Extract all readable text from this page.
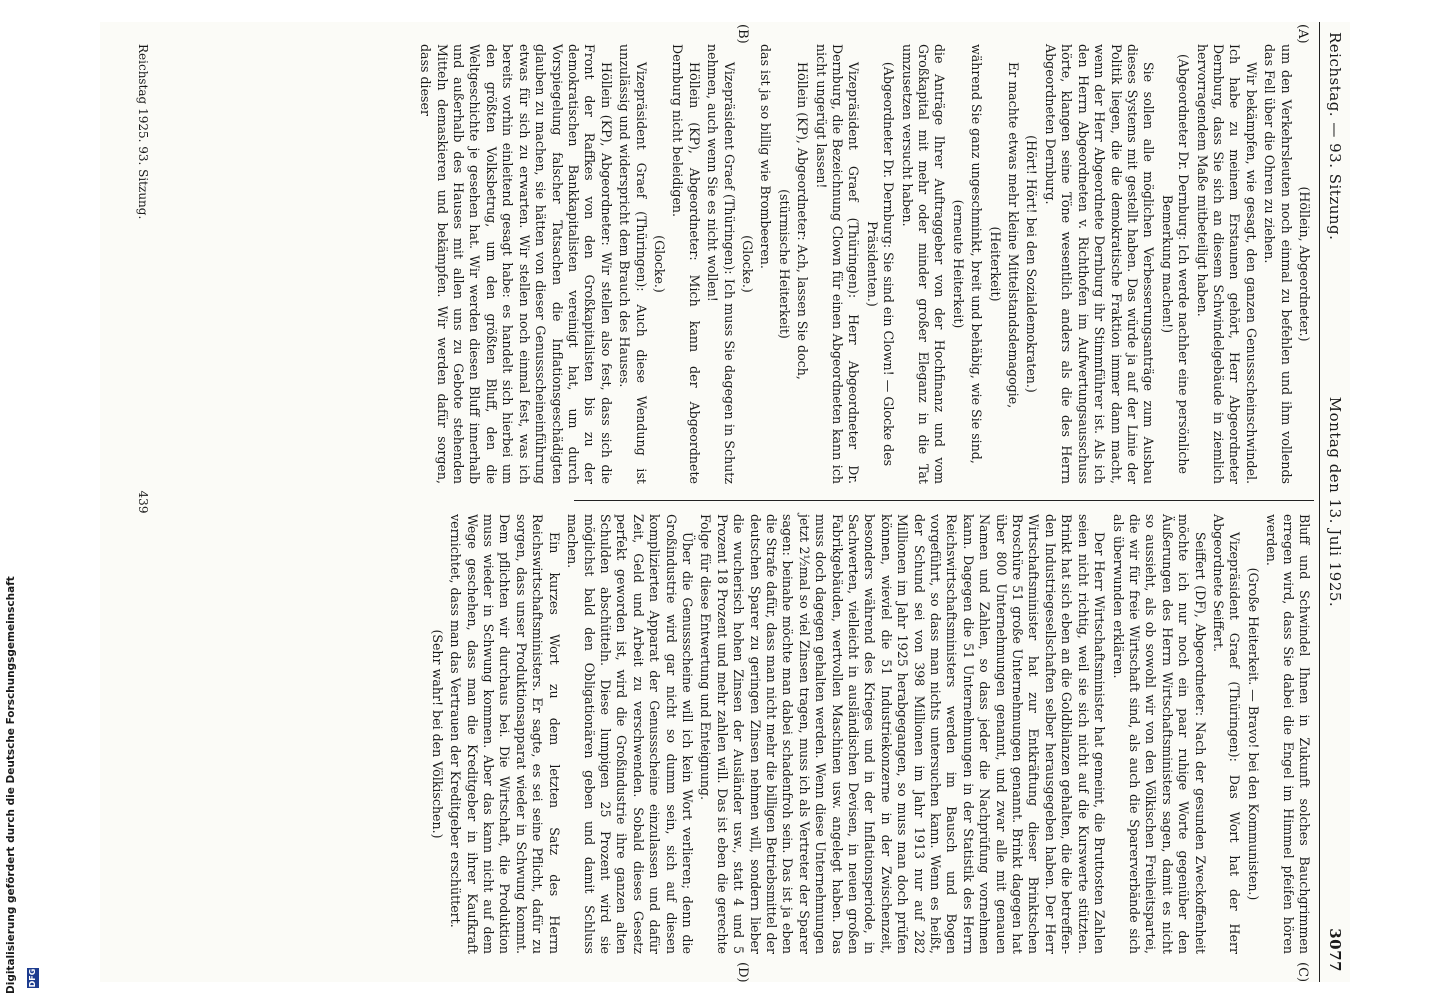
Reichstag. — 93. Sitzung.
Montag den 13. Juli 1925.
3077
(A)
(B)
(C)
(D)

(Höllein, Abgeordneter.)

um den Verkehrsleuten noch einmal zu befehlen und ihm vollends das Fell über die Ohren zu ziehen.

Wir bekämpfen, wie gesagt, den ganzen Genussscheinschwindel. Ich habe zu meinem Erstaunen gehört, Herr Abgeordneter Dernburg, dass Sie sich an diesem Schwindelgebäude in ziemlich hervorragendem Maße mitbeteiligt haben.

(Abgeordneter Dr. Dernburg: Ich werde nachher eine persönliche Bemerkung machen!)

Sie sollen alle möglichen Verbesserungsanträge zum Ausbau dieses Systems mit gestellt haben. Das würde ja auf der Linie der Politik liegen, die die demokratische Fraktion immer dann macht, wenn der Herr Abgeordnete Dernburg ihr Stimmführer ist. Als ich den Herrn Abgeordneten v. Richthofen im Aufwertungsausschuss hörte, klangen seine Töne wesentlich anders als die des Herrn Abgeordneten Dernburg.

(Hört! Hört! bei den Sozialdemokraten.)

Er machte etwas mehr kleine Mittelstandsdemagogie,

(Heiterkeit)

während Sie ganz ungeschminkt, breit und behäbig, wie Sie sind,

(erneute Heiterkeit)

die Anträge Ihrer Auftraggeber von der Hochfinanz und vom Großkapital mit mehr oder minder großer Eleganz in die Tat umzusetzen versucht haben.

(Abgeordneter Dr. Dernburg: Sie sind ein Clown! — Glocke des Präsidenten.)

Vizepräsident Graef (Thüringen): Herr Abgeordneter Dr. Dernburg, die Bezeichnung Clown für einen Abgeordneten kann ich nicht ungerügt lassen!

Höllein (KP), Abgeordneter: Ach, lassen Sie doch,

(stürmische Heiterkeit)

das ist ja so billig wie Brombeeren.

(Glocke.)

Vizepräsident Graef (Thüringen): Ich muss Sie dagegen in Schutz nehmen, auch wenn Sie es nicht wollen!

Höllein (KP), Abgeordneter: Mich kann der Abgeordnete Dernburg nicht beleidigen.

(Glocke.)

Vizepräsident Graef (Thüringen): Auch diese Wendung ist unzulässig und widerspricht dem Brauch des Hauses.

Höllein (KP), Abgeordneter: Wir stellen also fest, dass sich die Front der Raffkes von den Großkapitalisten bis zu der demokratischen Bankkapitalisten vereinigt hat, um durch Vorspiegelung falscher Tatsachen die Inflationsgeschädigten glauben zu machen, sie hätten von dieser Genussscheineinführung etwas für sich zu erwarten. Wir stellen noch einmal fest, was ich bereits vorhin einleitend gesagt habe: es handelt sich hierbei um den größten Volksbetrug, um den größten Bluff, den die Weltgeschichte je gesehen hat. Wir werden diesen Bluff innerhalb und außerhalb des Hauses mit allen uns zu Gebote stehenden Mitteln demaskieren und bekämpfen. Wir werden dafür sorgen, dass dieser

Bluff und Schwindel Ihnen in Zukunft solches Bauchgrimmen erregen wird, dass Sie dabei die Engel im Himmel pfeifen hören werden.

(Große Heiterkeit. — Bravo! bei den Kommunisten.)

Vizepräsident Graef (Thüringen): Das Wort hat der Herr Abgeordnete Seiffert.

Seiffert (DF), Abgeordneter: Nach der gesunden Zweckoffenheit möchte ich nur noch ein paar ruhige Worte gegenüber den Äußerungen des Herrn Wirtschaftsministers sagen, damit es nicht so aussieht, als ob sowohl wir von den Völkischen Freiheitspartei, die wir für freie Wirtschaft sind, als auch die Sparerverbände sich als überwunden erklären.

Der Herr Wirtschaftsminister hat gemeint, die Bruttosten Zahlen seien nicht richtig, weil sie sich nicht auf die Kurswerte stützten. Brinkt hat sich eben an die Goldbilanzen gehalten, die die betreffenden Industriegesellschaften selber herausgegeben haben. Der Herr Wirtschaftsminister hat zur Entkräftung dieser Brinktschen Broschüre 51 große Unternehmungen genannt. Brinkt dagegen hat über 800 Unternehmungen genannt, und zwar alle mit genauen Namen und Zahlen, so dass jeder die Nachprüfung vornehmen kann. Dagegen die 51 Unternehmungen in der Statistik des Herrn Reichswirtschaftsministers werden im Bausch und Bogen vorgeführt, so dass man nichts untersuchen kann. Wenn es heißt, der Schund sei von 398 Millionen im Jahr 1913 nur auf 282 Millionen im Jahr 1925 herabgegangen, so muss man doch prüfen können, wieviel die 51 Industriekonzerne in der Zwischenzeit, besonders während des Krieges und in der Inflationsperiode, in Sachwerten, vielleicht in ausländischen Devisen, in neuen großen Fabrikgebäuden, wertvollen Maschinen usw. angelegt haben. Das muss doch dagegen gehalten werden. Wenn diese Unternehmungen jetzt 2½mal so viel Zinsen tragen, muss ich als Vertreter der Sparer sagen: beinahe möchte man dabei schadenfroh sein. Das ist ja eben die Strafe dafür, dass man nicht mehr die billigen Betriebsmittel der deutschen Sparer zu geringen Zinsen nehmen will, sondern lieber die wucherisch hohen Zinsen der Ausländer usw., statt 4 und 5 Prozent 18 Prozent und mehr zahlen will. Das ist eben die gerechte Folge für diese Entwertung und Enteignung.

Über die Genussscheine will ich kein Wort verlieren; denn die Großindustrie wird gar nicht so dumm sein, sich auf diesen komplizierten Apparat der Genussscheine einzulassen und dafür Zeit, Geld und Arbeit zu verschwenden. Sobald dieses Gesetz perfekt geworden ist, wird die Großindustrie ihre ganzen alten Schulden abschütteln. Diese lumpigen 25 Prozent wird sie möglichst bald den Obligationären geben und damit Schluss machen.

Ein kurzes Wort zu dem letzten Satz des Herrn Reichswirtschaftsministers. Er sagte, es sei seine Pflicht, dafür zu sorgen, dass unser Produktionsapparat wieder in Schwung kommt. Dem pflichten wir durchaus bei. Die Wirtschaft, die Produktion muss wieder in Schwung kommen. Aber das kann nicht auf dem Wege geschehen, dass man die Kreditgeber in ihrer Kaufkraft vernichtet, dass man das Vertrauen der Kreditgeber erschüttert.

(Sehr wahr! bei den Völkischen.)

Reichstag 1925. 93. Sitzung.
439
Digitalisierung gefördert durch die Deutsche Forschungsgemeinschaft DFG
